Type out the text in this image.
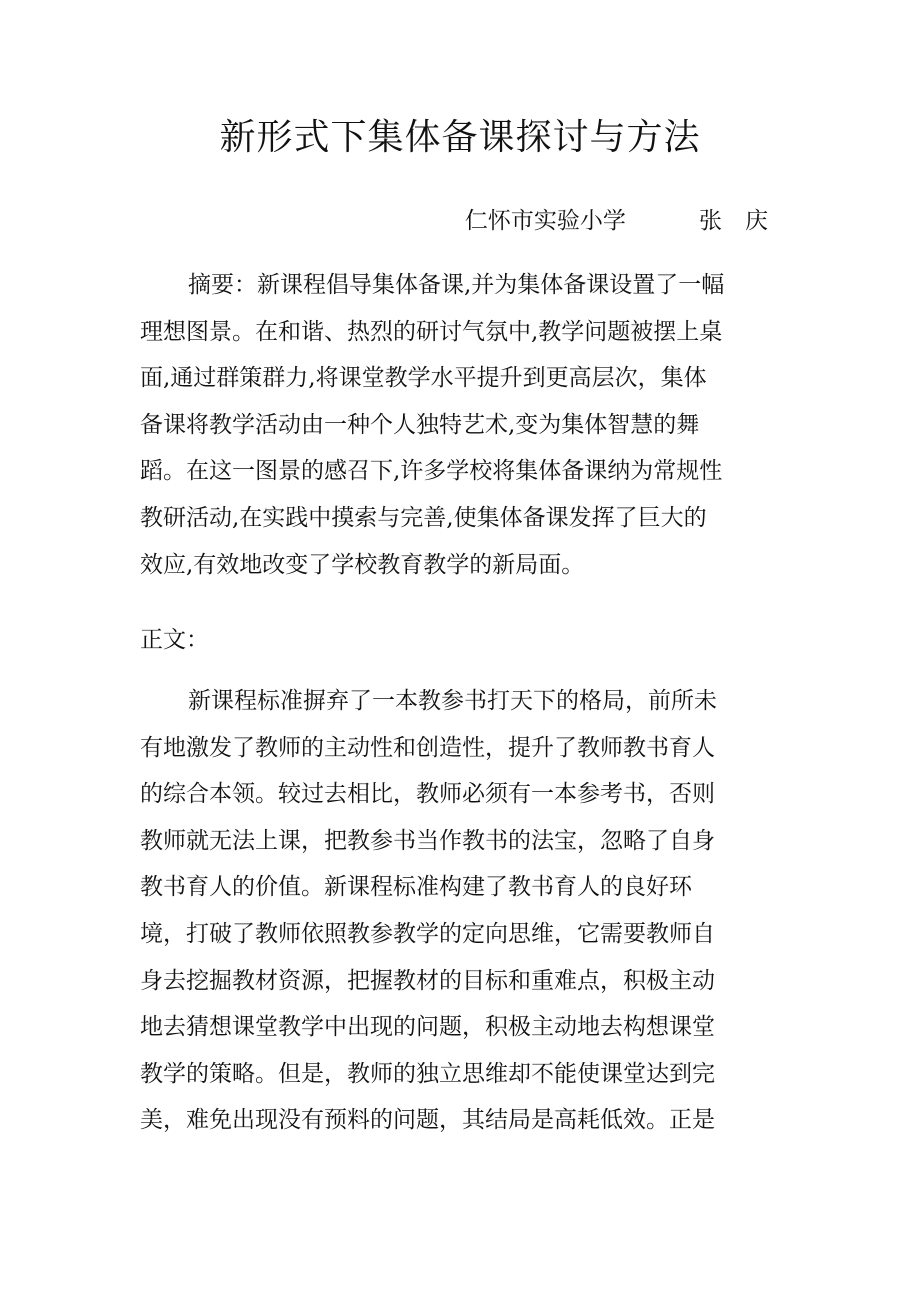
新形式下集体备课探讨与方法
仁怀市实验小学	张　庆
摘要：新课程倡导集体备课,并为集体备课设置了一幅
理想图景。在和谐、热烈的研讨气氛中,教学问题被摆上桌
面,通过群策群力,将课堂教学水平提升到更高层次，集体
备课将教学活动由一种个人独特艺术,变为集体智慧的舞
蹈。在这一图景的感召下,许多学校将集体备课纳为常规性
教研活动,在实践中摸索与完善,使集体备课发挥了巨大的
效应,有效地改变了学校教育教学的新局面。
正文：
新课程标准摒弃了一本教参书打天下的格局，前所未
有地激发了教师的主动性和创造性，提升了教师教书育人
的综合本领。较过去相比，教师必须有一本参考书，否则
教师就无法上课，把教参书当作教书的法宝，忽略了自身
教书育人的价值。新课程标准构建了教书育人的良好环
境，打破了教师依照教参教学的定向思维，它需要教师自
身去挖掘教材资源，把握教材的目标和重难点，积极主动
地去猜想课堂教学中出现的问题，积极主动地去构想课堂
教学的策略。但是，教师的独立思维却不能使课堂达到完
美，难免出现没有预料的问题，其结局是高耗低效。正是
